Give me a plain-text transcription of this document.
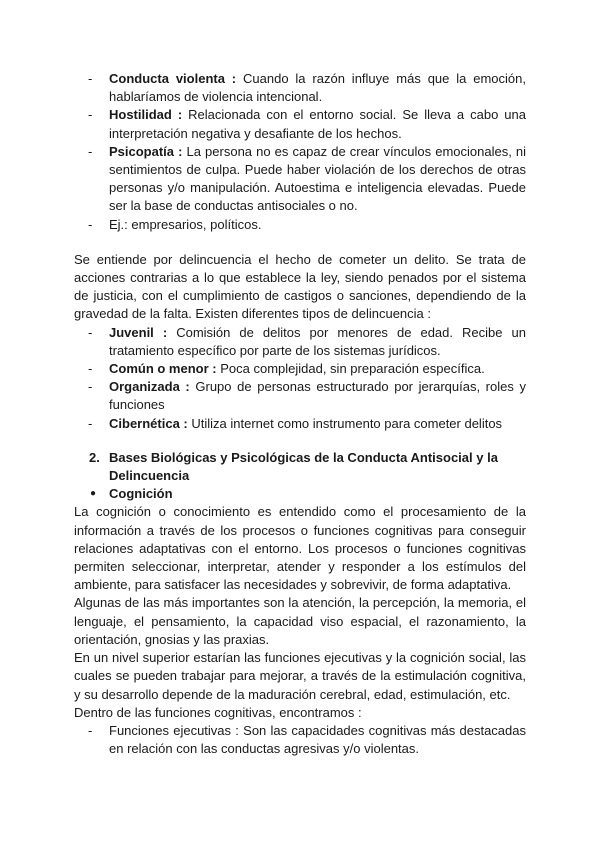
- Conducta violenta : Cuando la razón influye más que la emoción, hablaríamos de violencia intencional.
- Hostilidad : Relacionada con el entorno social. Se lleva a cabo una interpretación negativa y desafiante de los hechos.
- Psicopatía : La persona no es capaz de crear vínculos emocionales, ni sentimientos de culpa. Puede haber violación de los derechos de otras personas y/o manipulación. Autoestima e inteligencia elevadas. Puede ser la base de conductas antisociales o no.
- Ej.: empresarios, políticos.

Se entiende por delincuencia el hecho de cometer un delito. Se trata de acciones contrarias a lo que establece la ley, siendo penados por el sistema de justicia, con el cumplimiento de castigos o sanciones, dependiendo de la gravedad de la falta. Existen diferentes tipos de delincuencia :

- Juvenil : Comisión de delitos por menores de edad. Recibe un tratamiento específico por parte de los sistemas jurídicos.
- Común o menor : Poca complejidad, sin preparación específica.
- Organizada : Grupo de personas estructurado por jerarquías, roles y funciones
- Cibernética : Utiliza internet como instrumento para cometer delitos
2. Bases Biológicas y Psicológicas de la Conducta Antisocial y la Delincuencia
● Cognición

La cognición o conocimiento es entendido como el procesamiento de la información a través de los procesos o funciones cognitivas para conseguir relaciones adaptativas con el entorno. Los procesos o funciones cognitivas permiten seleccionar, interpretar, atender y responder a los estímulos del ambiente, para satisfacer las necesidades y sobrevivir, de forma adaptativa.

Algunas de las más importantes son la atención, la percepción, la memoria, el lenguaje, el pensamiento, la capacidad viso espacial, el razonamiento, la orientación, gnosias y las praxias.

En un nivel superior estarían las funciones ejecutivas y la cognición social, las cuales se pueden trabajar para mejorar, a través de la estimulación cognitiva, y su desarrollo depende de la maduración cerebral, edad, estimulación, etc.

Dentro de las funciones cognitivas, encontramos :

- Funciones ejecutivas : Son las capacidades cognitivas más destacadas en relación con las conductas agresivas y/o violentas.
